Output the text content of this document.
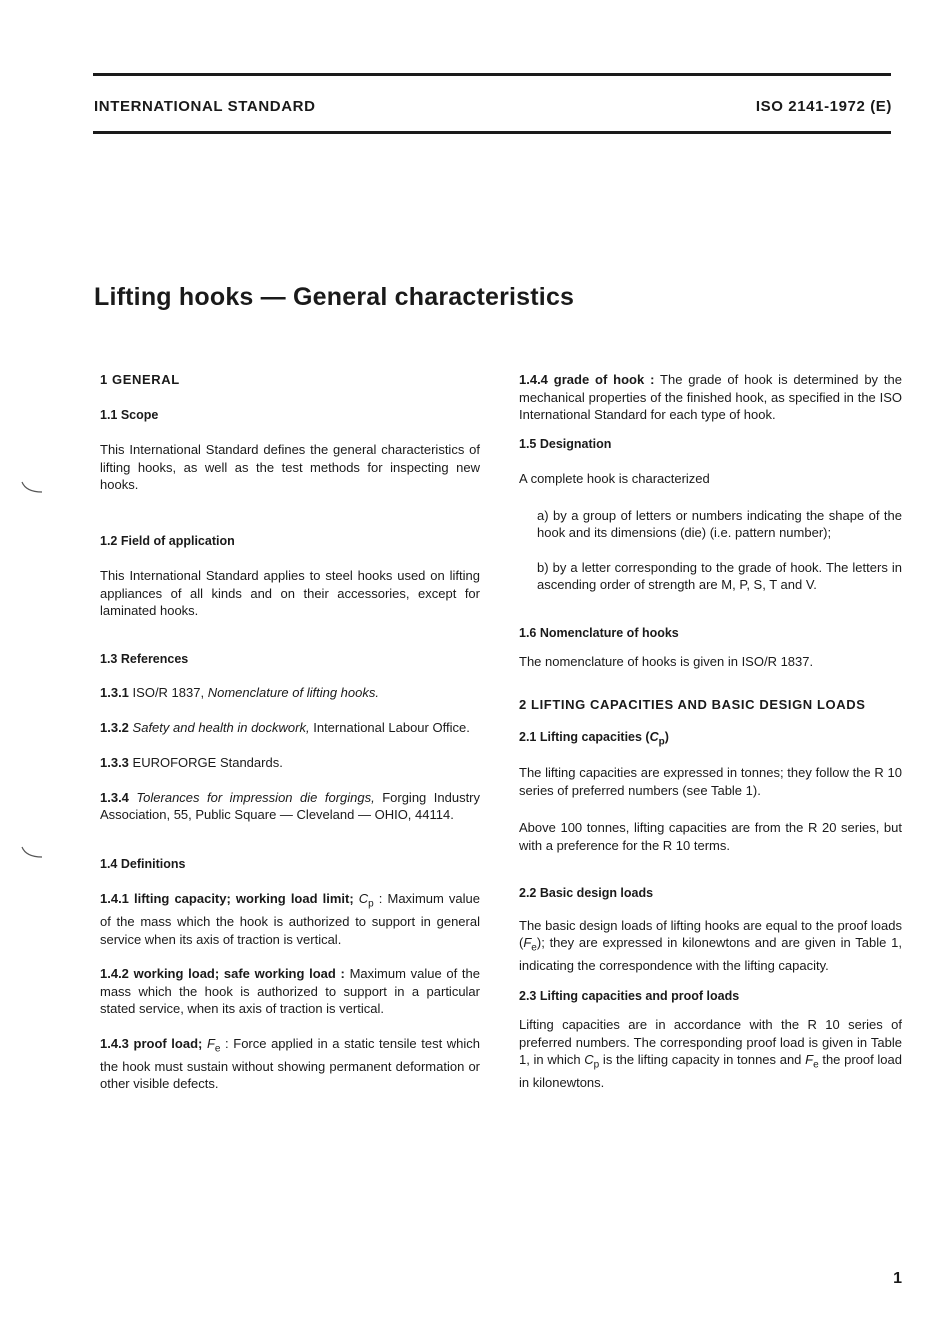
INTERNATIONAL STANDARD	ISO 2141-1972 (E)
Lifting hooks — General characteristics

1 GENERAL

1.1 Scope

This International Standard defines the general characteristics of lifting hooks, as well as the test methods for inspecting new hooks.

1.2 Field of application

This International Standard applies to steel hooks used on lifting appliances of all kinds and on their accessories, except for laminated hooks.

1.3 References

1.3.1 ISO/R 1837, Nomenclature of lifting hooks.

1.3.2 Safety and health in dockwork, International Labour Office.

1.3.3 EUROFORGE Standards.

1.3.4 Tolerances for impression die forgings, Forging Industry Association, 55, Public Square — Cleveland — OHIO, 44114.

1.4 Definitions

1.4.1 lifting capacity; working load limit; $C_p$ : Maximum value of the mass which the hook is authorized to support in general service when its axis of traction is vertical.

1.4.2 working load; safe working load : Maximum value of the mass which the hook is authorized to support in a particular stated service, when its axis of traction is vertical.

1.4.3 proof load; $F_e$ : Force applied in a static tensile test which the hook must sustain without showing permanent deformation or other visible defects.

1.4.4 grade of hook : The grade of hook is determined by the mechanical properties of the finished hook, as specified in the ISO International Standard for each type of hook.

1.5 Designation

A complete hook is characterized

a) by a group of letters or numbers indicating the shape of the hook and its dimensions (die) (i.e. pattern number);

b) by a letter corresponding to the grade of hook. The letters in ascending order of strength are M, P, S, T and V.

1.6 Nomenclature of hooks

The nomenclature of hooks is given in ISO/R 1837.

2 LIFTING CAPACITIES AND BASIC DESIGN LOADS

2.1 Lifting capacities $(C_p)$

The lifting capacities are expressed in tonnes; they follow the R 10 series of preferred numbers (see Table 1).

Above 100 tonnes, lifting capacities are from the R 20 series, but with a preference for the R 10 terms.

2.2 Basic design loads

The basic design loads of lifting hooks are equal to the proof loads $(F_e)$; they are expressed in kilonewtons and are given in Table 1, indicating the correspondence with the lifting capacity.

2.3 Lifting capacities and proof loads

Lifting capacities are in accordance with the R 10 series of preferred numbers. The corresponding proof load is given in Table 1, in which $C_p$ is the lifting capacity in tonnes and $F_e$ the proof load in kilonewtons.

1
